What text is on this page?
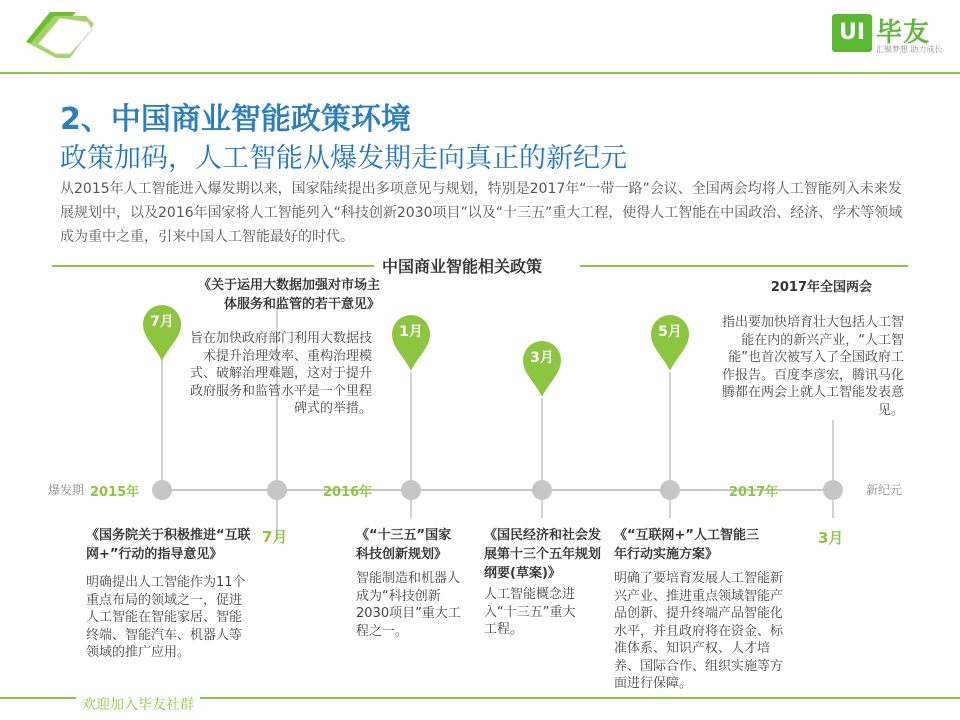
UI 毕友
汇聚梦想 助力成长
2、中国商业智能政策环境
政策加码，人工智能从爆发期走向真正的新纪元
从2015年人工智能进入爆发期以来，国家陆续提出多项意见与规划，特别是2017年“一带一路”会议、全国两会均将人工智能列入未来发展规划中，以及2016年国家将人工智能列入“科技创新2030项目”以及“十三五”重大工程，使得人工智能在中国政治、经济、学术等领域成为重中之重，引来中国人工智能最好的时代。
中国商业智能相关政策
爆发期	新纪元
2015年	2016年	2017年
7月
1月
3月
5月
《关于运用大数据加强对市场主体服务和监管的若干意见》
旨在加快政府部门利用大数据技术提升治理效率、重构治理模式、破解治理难题，这对于提升政府服务和监管水平是一个里程碑式的举措。
2017年全国两会
指出要加快培育壮大包括人工智能在内的新兴产业，“人工智能”也首次被写入了全国政府工作报告。百度李彦宏，腾讯马化腾都在两会上就人工智能发表意见。
《国务院关于积极推进“互联网+”行动的指导意见》
7月
明确提出人工智能作为11个重点布局的领域之一，促进人工智能在智能家居、智能终端、智能汽车、机器人等领域的推广应用。
《“十三五”国家科技创新规划》
智能制造和机器人成为“科技创新2030项目”重大工程之一。
《国民经济和社会发展第十三个五年规划纲要(草案)》
人工智能概念进入“十三五”重大工程。
《“互联网+”人工智能三年行动实施方案》
明确了要培育发展人工智能新兴产业、推进重点领域智能产品创新、提升终端产品智能化水平，并且政府将在资金、标准体系、知识产权、人才培养、国际合作、组织实施等方面进行保障。
3月
欢迎加入毕友社群
